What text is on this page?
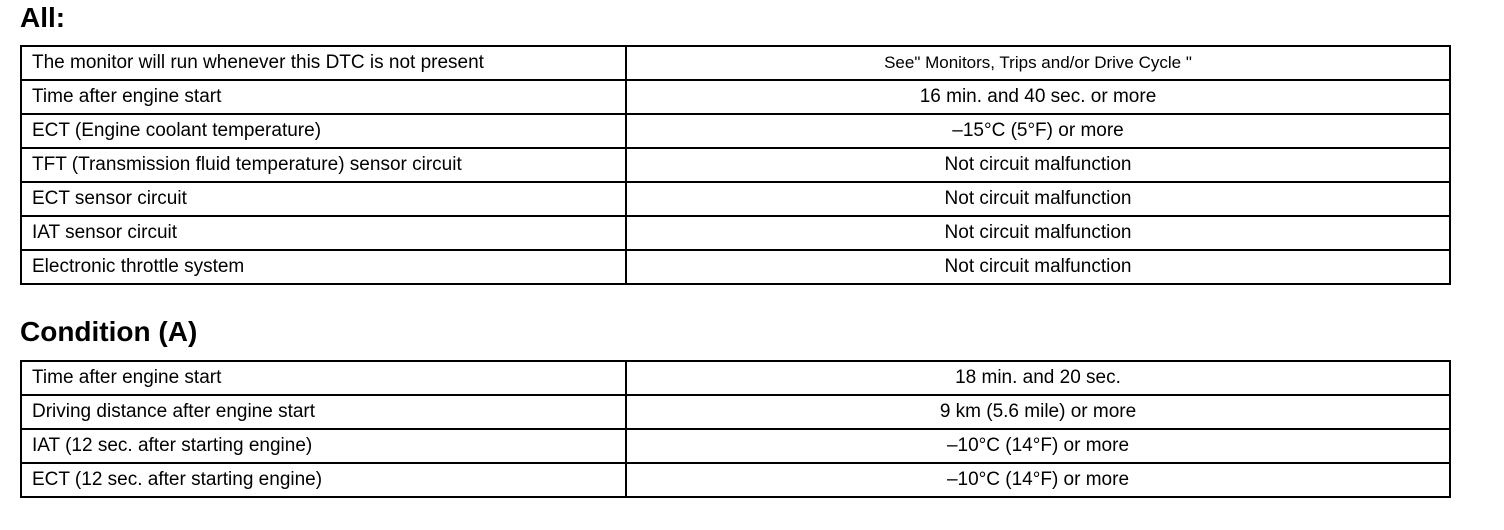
All:
The monitor will run whenever this DTC is not present	See" Monitors, Trips and/or Drive Cycle "
Time after engine start	16 min. and 40 sec. or more
ECT (Engine coolant temperature)	–15°C (5°F) or more
TFT (Transmission fluid temperature) sensor circuit	Not circuit malfunction
ECT sensor circuit	Not circuit malfunction
IAT sensor circuit	Not circuit malfunction
Electronic throttle system	Not circuit malfunction
Condition (A)
Time after engine start	18 min. and 20 sec.
Driving distance after engine start	9 km (5.6 mile) or more
IAT (12 sec. after starting engine)	–10°C (14°F) or more
ECT (12 sec. after starting engine)	–10°C (14°F) or more
